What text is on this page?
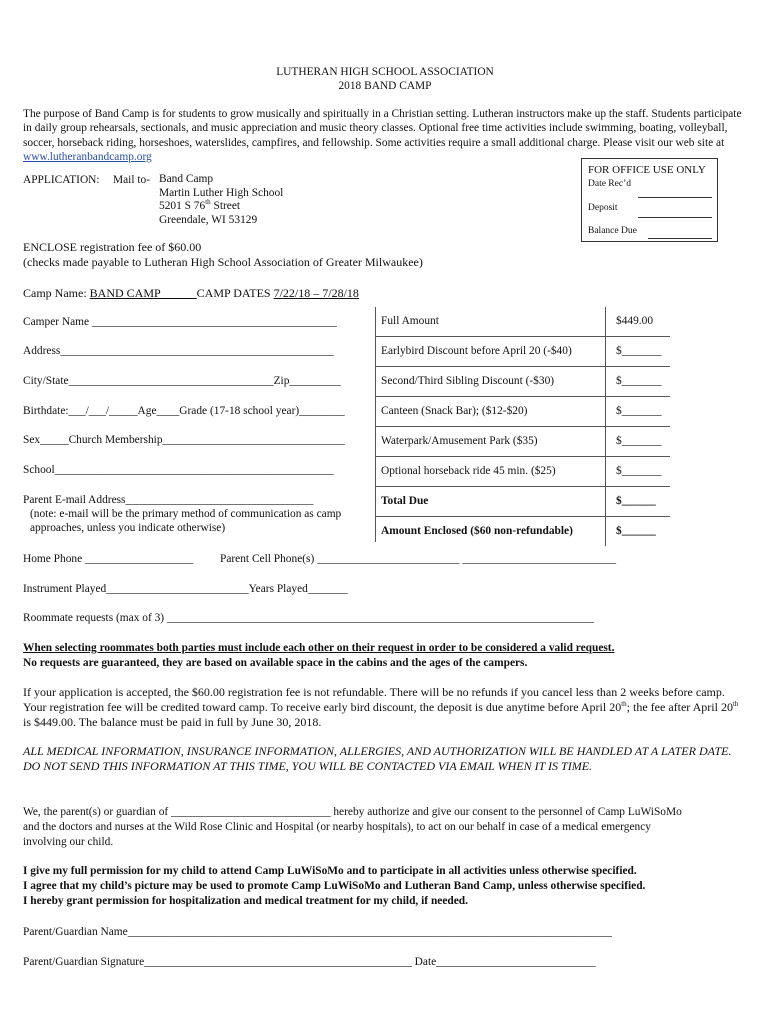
LUTHERAN HIGH SCHOOL ASSOCIATION
2018 BAND CAMP
The purpose of Band Camp is for students to grow musically and spiritually in a Christian setting. Lutheran instructors make up the staff. Students participate in daily group rehearsals, sectionals, and music appreciation and music theory classes. Optional free time activities include swimming, boating, volleyball, soccer, horseback riding, horseshoes, waterslides, campfires, and fellowship. Some activities require a small additional charge. Please visit our web site at www.lutheranbandcamp.org
APPLICATION: Mail to- Band Camp
Martin Luther High School
5201 S 76th Street
Greendale, WI 53129
FOR OFFICE USE ONLY
Date Rec’d
Deposit
Balance Due
ENCLOSE registration fee of $60.00
(checks made payable to Lutheran High School Association of Greater Milwaukee)
Camp Name: BAND CAMP______CAMP DATES 7/22/18 – 7/28/18
Camper Name ___________________________________________
Address________________________________________________
City/State____________________________________Zip_________
Birthdate:___/___/_____Age____Grade (17-18 school year)________
Sex_____Church Membership________________________________
School_________________________________________________
Parent E-mail Address_________________________________
(note: e-mail will be the primary method of communication as camp
approaches, unless you indicate otherwise)
Full Amount	$449.00
Earlybird Discount before April 20 (-$40)	$_______
Second/Third Sibling Discount (-$30)	$_______
Canteen (Snack Bar); ($12-$20)	$_______
Waterpark/Amusement Park ($35)	$_______
Optional horseback ride 45 min. ($25)	$_______
Total Due	$______
Amount Enclosed ($60 non-refundable)	$______
Home Phone ___________________ Parent Cell Phone(s) _________________________ ___________________________
Instrument Played_________________________Years Played_______
Roommate requests (max of 3) ___________________________________________________________________________
When selecting roommates both parties must include each other on their request in order to be considered a valid request.
No requests are guaranteed, they are based on available space in the cabins and the ages of the campers.
If your application is accepted, the $60.00 registration fee is not refundable. There will be no refunds if you cancel less than 2 weeks before camp. Your registration fee will be credited toward camp. To receive early bird discount, the deposit is due anytime before April 20th; the fee after April 20th is $449.00. The balance must be paid in full by June 30, 2018.
ALL MEDICAL INFORMATION, INSURANCE INFORMATION, ALLERGIES, AND AUTHORIZATION WILL BE HANDLED AT A LATER DATE. DO NOT SEND THIS INFORMATION AT THIS TIME, YOU WILL BE CONTACTED VIA EMAIL WHEN IT IS TIME.
We, the parent(s) or guardian of ____________________________ hereby authorize and give our consent to the personnel of Camp LuWiSoMo and the doctors and nurses at the Wild Rose Clinic and Hospital (or nearby hospitals), to act on our behalf in case of a medical emergency involving our child.
I give my full permission for my child to attend Camp LuWiSoMo and to participate in all activities unless otherwise specified.
I agree that my child’s picture may be used to promote Camp LuWiSoMo and Lutheran Band Camp, unless otherwise specified.
I hereby grant permission for hospitalization and medical treatment for my child, if needed.
Parent/Guardian Name_____________________________________________________________________________________
Parent/Guardian Signature_______________________________________________ Date____________________________
